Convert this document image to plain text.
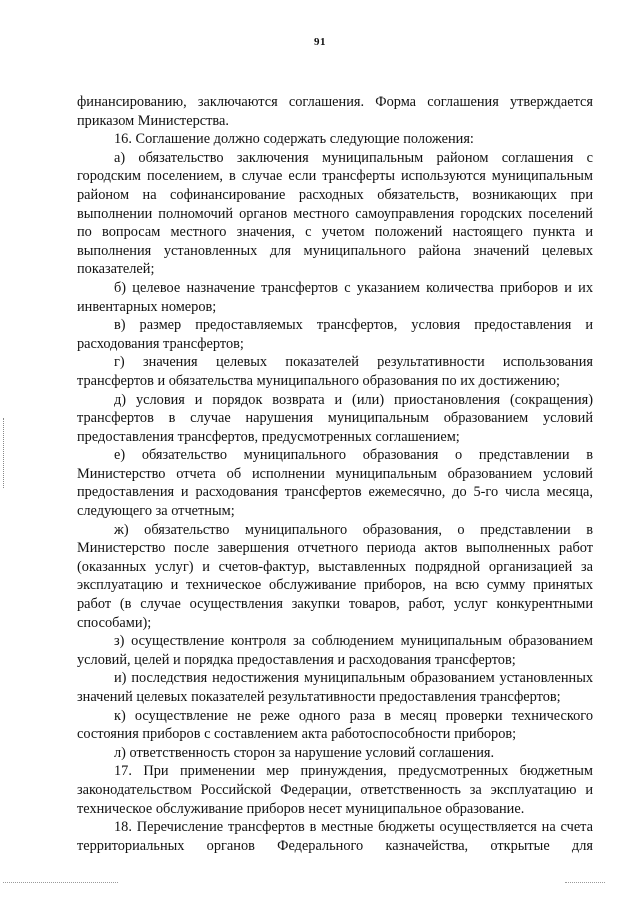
91

финансированию, заключаются соглашения. Форма соглашения утверждается приказом Министерства.

16. Соглашение должно содержать следующие положения:

а) обязательство заключения муниципальным районом соглашения с городским поселением, в случае если трансферты используются муниципальным районом на софинансирование расходных обязательств, возникающих при выполнении полномочий органов местного самоуправления городских поселений по вопросам местного значения, с учетом положений настоящего пункта и выполнения установленных для муниципального района значений целевых показателей;

б) целевое назначение трансфертов с указанием количества приборов и их инвентарных номеров;

в) размер предоставляемых трансфертов, условия предоставления и расходования трансфертов;

г) значения целевых показателей результативности использования трансфертов и обязательства муниципального образования по их достижению;

д) условия и порядок возврата и (или) приостановления (сокращения) трансфертов в случае нарушения муниципальным образованием условий предоставления трансфертов, предусмотренных соглашением;

е) обязательство муниципального образования о представлении в Министерство отчета об исполнении муниципальным образованием условий предоставления и расходования трансфертов ежемесячно, до 5-го числа месяца, следующего за отчетным;

ж) обязательство муниципального образования, о представлении в Министерство после завершения отчетного периода актов выполненных работ (оказанных услуг) и счетов-фактур, выставленных подрядной организацией за эксплуатацию и техническое обслуживание приборов, на всю сумму принятых работ (в случае осуществления закупки товаров, работ, услуг конкурентными способами);

з) осуществление контроля за соблюдением муниципальным образованием условий, целей и порядка предоставления и расходования трансфертов;

и) последствия недостижения муниципальным образованием установленных значений целевых показателей результативности предоставления трансфертов;

к) осуществление не реже одного раза в месяц проверки технического состояния приборов с составлением акта работоспособности приборов;

л) ответственность сторон за нарушение условий соглашения.

17. При применении мер принуждения, предусмотренных бюджетным законодательством Российской Федерации, ответственность за эксплуатацию и техническое обслуживание приборов несет муниципальное образование.

18. Перечисление трансфертов в местные бюджеты осуществляется на счета территориальных органов Федерального казначейства, открытые для
